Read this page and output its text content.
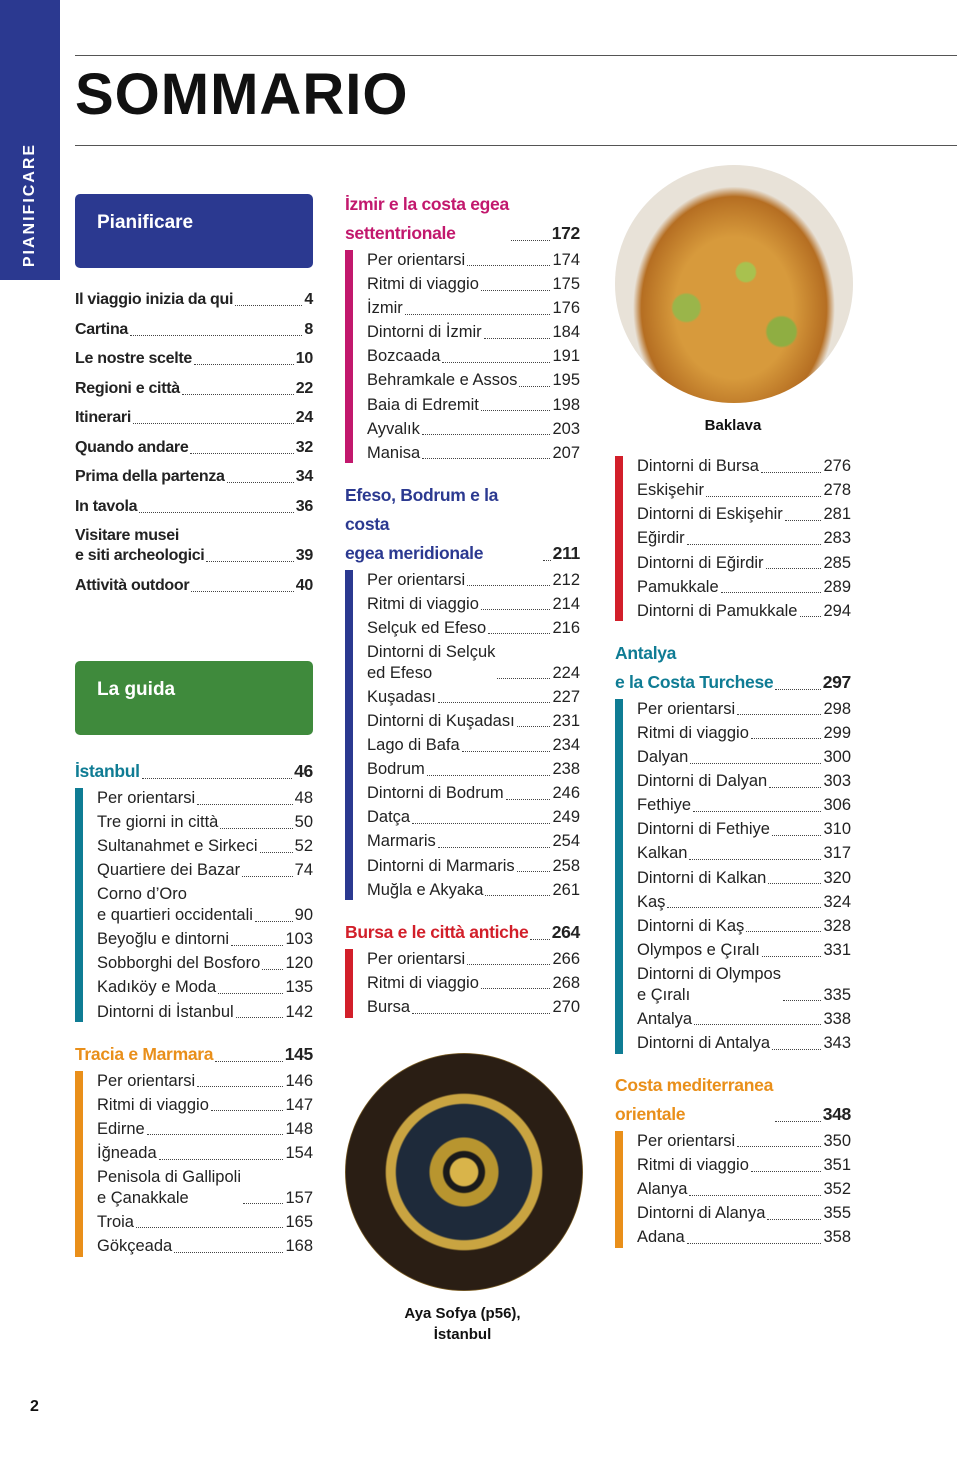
PIANIFICARE
SOMMARIO
Pianificare
Il viaggio inizia da qui	4
Cartina	8
Le nostre scelte	10
Regioni e città	22
Itinerari	24
Quando andare	32
Prima della partenza	34
In tavola	36
Visitare musei
e siti archeologici	39
Attività outdoor	40
La guida
İstanbul	46
Per orientarsi	48
Tre giorni in città	50
Sultanahmet e Sirkeci 52
Quartiere dei Bazar	74
Corno d’Oro
e quartieri occidentali	90
Beyoğlu e dintorni	103
Sobborghi del Bosforo 120
Kadıköy e Moda	135
Dintorni di İstanbul	142
Tracia e Marmara	145
Per orientarsi	146
Ritmi di viaggio	147
Edirne	148
İğneada	154
Penisola di Gallipoli
e Çanakkale	157
Troia	165
Gökçeada	168
İzmir e la costa egea
settentrionale	172
Per orientarsi	174
Ritmi di viaggio	175
İzmir	176
Dintorni di İzmir	184
Bozcaada	191
Behramkale e Assos 195
Baia di Edremit	198
Ayvalık	203
Manisa	207
Efeso, Bodrum e la costa
egea meridionale	211
Per orientarsi	212
Ritmi di viaggio	214
Selçuk ed Efeso	216
Dintorni di Selçuk
ed Efeso	224
Kuşadası	227
Dintorni di Kuşadası 231
Lago di Bafa	234
Bodrum	238
Dintorni di Bodrum	246
Datça	249
Marmaris	254
Dintorni di Marmaris 258
Muğla e Akyaka	261
Bursa e le città antiche 264
Per orientarsi	266
Ritmi di viaggio	268
Bursa	270
Aya Sofya (p56),
İstanbul
Baklava
Dintorni di Bursa	276
Eskişehir	278
Dintorni di Eskişehir 281
Eğirdir	283
Dintorni di Eğirdir	285
Pamukkale	289
Dintorni di Pamukkale 294
Antalya
e la Costa Turchese	297
Per orientarsi	298
Ritmi di viaggio	299
Dalyan	300
Dintorni di Dalyan	303
Fethiye	306
Dintorni di Fethiye	310
Kalkan	317
Dintorni di Kalkan	320
Kaş	324
Dintorni di Kaş	328
Olympos e Çıralı	331
Dintorni di Olympos
e Çıralı	335
Antalya	338
Dintorni di Antalya	343
Costa mediterranea
orientale	348
Per orientarsi	350
Ritmi di viaggio	351
Alanya	352
Dintorni di Alanya	355
Adana	358
2
